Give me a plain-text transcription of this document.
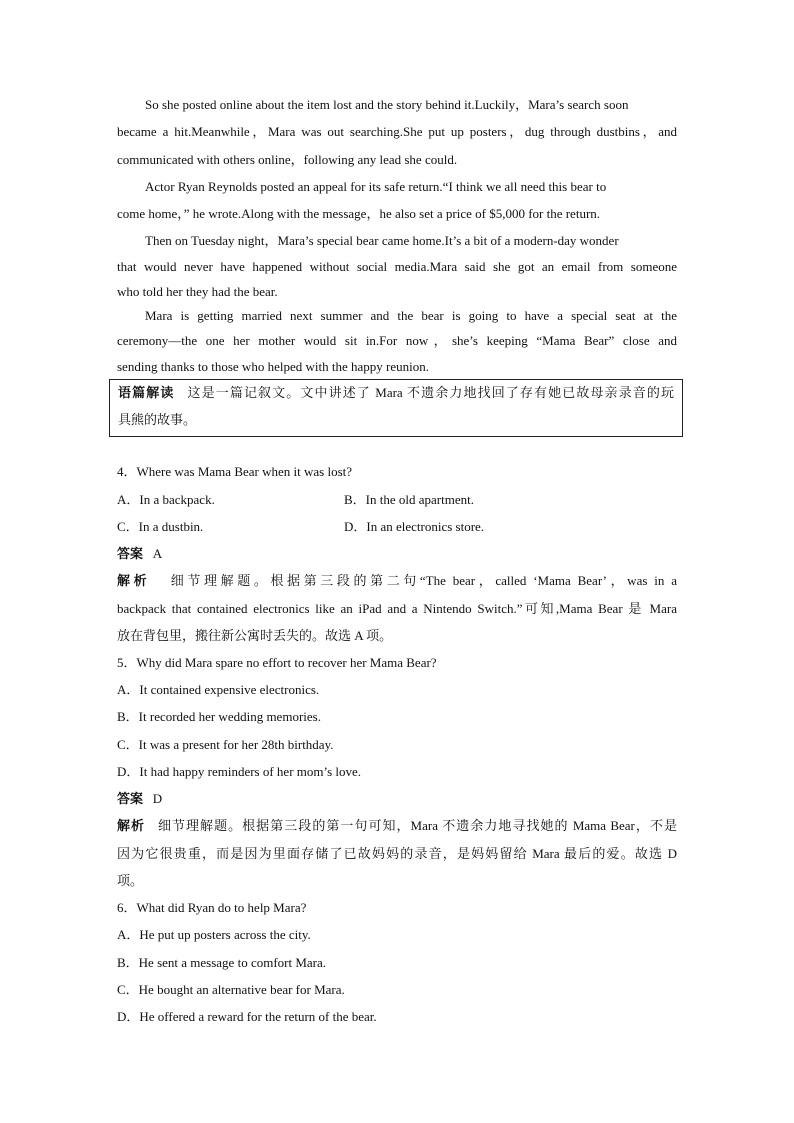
So she posted online about the item lost and the story behind it.Luckily，Mara’s search soon
became a hit.Meanwhile，Mara was out searching.She put up posters，dug through dustbins，and
communicated with others online，following any lead she could.
Actor Ryan Reynolds posted an appeal for its safe return.“I think we all need this bear to
come home，” he wrote.Along with the message，he also set a price of $5,000 for the return.
Then on Tuesday night，Mara’s special bear came home.It’s a bit of a modern-day wonder
that would never have happened without social media.Mara said she got an email from someone
who told her they had the bear.
Mara is getting married next summer and the bear is going to have a special seat at the
ceremony—the one her mother would sit in.For now，she’s keeping “Mama Bear” close and
sending thanks to those who helped with the happy reunion.
语篇解读 这是一篇记叙文。文中讲述了 Mara 不遗余力地找回了存有她已故母亲录音的玩
具熊的故事。
4．Where was Mama Bear when it was lost?
A．In a backpack.	B．In the old apartment.
C．In a dustbin.	D．In an electronics store.
答案 A
解析 细节理解题。根据第三段的第二句“The bear，called ‘Mama Bear’，was in a
backpack that contained electronics like an iPad and a Nintendo Switch.”可知,Mama Bear 是 Mara
放在背包里，搬往新公寓时丢失的。故选 A 项。
5．Why did Mara spare no effort to recover her Mama Bear?
A．It contained expensive electronics.
B．It recorded her wedding memories.
C．It was a present for her 28th birthday.
D．It had happy reminders of her mom’s love.
答案 D
解析 细节理解题。根据第三段的第一句可知，Mara 不遗余力地寻找她的 Mama Bear，不是
因为它很贵重，而是因为里面存储了已故妈妈的录音，是妈妈留给 Mara 最后的爱。故选 D
项。
6．What did Ryan do to help Mara?
A．He put up posters across the city.
B．He sent a message to comfort Mara.
C．He bought an alternative bear for Mara.
D．He offered a reward for the return of the bear.
